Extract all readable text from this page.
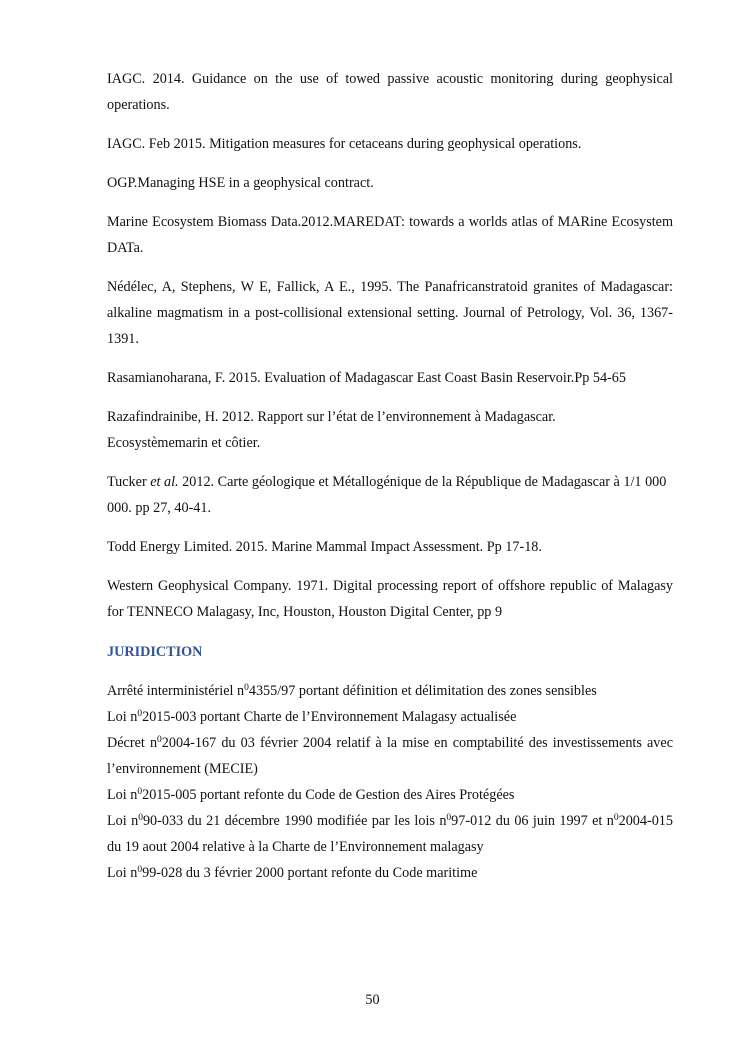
IAGC. 2014. Guidance on the use of towed passive acoustic monitoring during geophysical operations.

IAGC. Feb 2015. Mitigation measures for cetaceans during geophysical operations.

OGP.Managing HSE in a geophysical contract.

Marine Ecosystem Biomass Data.2012.MAREDAT: towards a worlds atlas of MARine Ecosystem DATa.

Nédélec, A, Stephens, W E, Fallick, A E., 1995. The Panafricanstratoid granites of Madagascar: alkaline magmatism in a post-collisional extensional setting. Journal of Petrology, Vol. 36, 1367-1391.

Rasamianoharana, F. 2015. Evaluation of Madagascar East Coast Basin Reservoir.Pp 54-65

Razafindrainibe, H. 2012. Rapport sur l’état de l’environnement à Madagascar.
Ecosystèmemarin et côtier.

Tucker et al. 2012. Carte géologique et Métallogénique de la République de Madagascar à 1/1 000 000. pp 27, 40-41.

Todd Energy Limited. 2015. Marine Mammal Impact Assessment. Pp 17-18.

Western Geophysical Company. 1971. Digital processing report of offshore republic of Malagasy for TENNECO Malagasy, Inc, Houston, Houston Digital Center, pp 9

JURIDICTION

Arrêté interministériel $n^04355/97$ portant définition et délimitation des zones sensibles

Loi $n^02015-003$ portant Charte de l’Environnement Malagasy actualisée

Décret $n^02004-167$ du 03 février 2004 relatif à la mise en comptabilité des investissements avec l’environnement (MECIE)

Loi $n^02015-005$ portant refonte du Code de Gestion des Aires Protégées

Loi $n^090-033$ du 21 décembre 1990 modifiée par les lois $n^097-012$ du 06 juin 1997 et $n^02004-015$ du 19 aout 2004 relative à la Charte de l’Environnement malagasy

Loi $n^099-028$ du 3 février 2000 portant refonte du Code maritime

50
